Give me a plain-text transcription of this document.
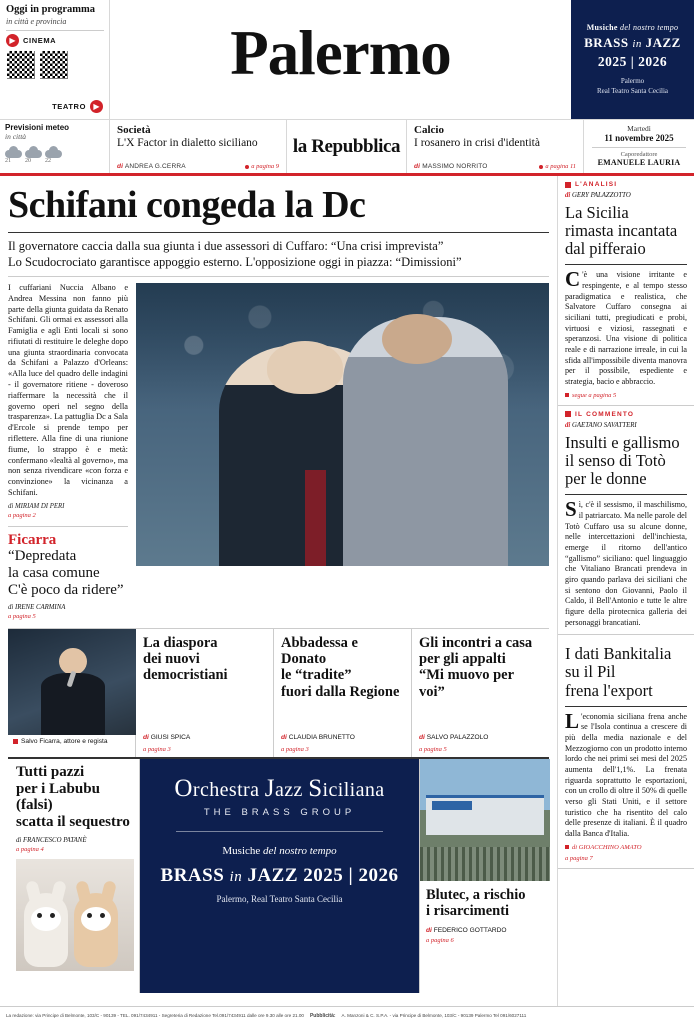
Oggi in programma
in città e provincia
▶ CINEMA
TEATRO ▶
Palermo	Musiche del nostro tempo
BRASS in JAZZ
2025 | 2026
Palermo
Real Teatro Santa Cecilia
Previsioni meteo
in città
21	20	22
Società
L'X Factor in dialetto siciliano
di ANDREA G.CERRA	a pagina 9
la Repubblica
Calcio
I rosanero in crisi d'identità
di MASSIMO NORRITO	a pagina 11
Martedì
11 novembre 2025
Caporedattore
EMANUELE LAURIA
Schifani congeda la Dc
Il governatore caccia dalla sua giunta i due assessori di Cuffaro: “Una crisi imprevista”
Lo Scudocrociato garantisce appoggio esterno. L'opposizione oggi in piazza: “Dimissioni”

I cuffariani Nuccia Albano e Andrea Messina non fanno più parte della giunta guidata da Renato Schifani. Gli ormai ex assessori alla Famiglia e agli Enti locali si sono rifiutati di restituire le deleghe dopo una giunta straordinaria convocata da Schifani a Palazzo d'Orleans: «Alla luce del quadro delle indagini - il governatore ritiene - doveroso riaffermare la necessità che il governo operi nel segno della trasparenza». La pattuglia Dc a Sala d'Ercole si prende tempo per riflettere. Alla fine di una riunione fiume, lo strappo è e metà: confermano «lealtà al governo», ma non senza rivendicare «con forza e convinzione» la vicinanza a Schifani.

di MIRIAM DI PERI
a pagina 2
Ficarra “Depredata
la casa comune
C'è poco da ridere”
di IRENE CARMINA
a pagina 5
Salvo Ficarra, attore e regista
La diaspora
dei nuovi
democristiani
di GIUSI SPICA
a pagina 3
Abbadessa e Donato
le “tradite”
fuori dalla Regione
di CLAUDIA BRUNETTO
a pagina 3
Gli incontri a casa
per gli appalti
“Mi muovo per voi”
di SALVO PALAZZOLO
a pagina 5
Tutti pazzi
per i Labubu (falsi)
scatta il sequestro
di FRANCESCO PATANÈ
a pagina 4
Orchestra Jazz Siciliana
THE BRASS GROUP
Musiche del nostro tempo
BRASS in JAZZ 2025 | 2026
Palermo, Real Teatro Santa Cecilia	Blutec, a rischio
i risarcimenti
di FEDERICO GOTTARDO
a pagina 6
L'ANALISI
di GERY PALAZZOTTO
La Sicilia
rimasta incantata
dal pifferaio
C 'è una visione irritante e respingente, e al tempo stesso paradigmatica e realistica, che Salvatore Cuffaro consegna ai siciliani tutti, pregiudicati e probi, virtuosi e viziosi, rassegnati e speranzosi. Una visione di politica reale e di narrazione irreale, in cui la sfida all'impossibile diventa manovra per il possibile, espediente e strategia, bacio e abbraccio.
segue a pagina 5
IL COMMENTO
di GAETANO SAVATTERI
Insulti e gallismo
il senso di Totò
per le donne
Sì, c'è il sessismo, il maschilismo, il patriarcato. Ma nelle parole del Totò Cuffaro usa su alcune donne, nelle intercettazioni dell'inchiesta, emerge il ritorno dell'antico “gallismo” siciliano: quel linguaggio che Vitaliano Brancati prendeva in giro quando parlava dei siciliani che si sentono don Giovanni, Paolo il Caldo, il Bell'Antonio e tutte le altre figure della pirotecnica galleria dei personaggi brancatiani.
I dati Bankitalia
su il Pil
frena l'export
L 'economia siciliana frena anche se l'Isola continua a crescere di più della media nazionale e del Mezzogiorno con un prodotto interno lordo che nei primi sei mesi del 2025 aumenta dell'1,1%. La frenata riguarda soprattutto le esportazioni, con un crollo di oltre il 50% di quelle verso gli Stati Uniti, e il settore turistico che ha risentito del calo delle presenze di italiani. È il quadro dalla Banca d'Italia.
di GIOACCHINO AMATO
a pagina 7
La redazione: via Principe di Belmonte, 103/C - 90139 - TEL. 091/7434911 - Segreteria di Redazione Tel.091/7434911 dalle ore 9.30 alle ore 21.00 Pubblicità: A. Manzoni & C. S.P.A. - via Principe di Belmonte, 103/C - 90139 Palermo Tel 091/6027111
